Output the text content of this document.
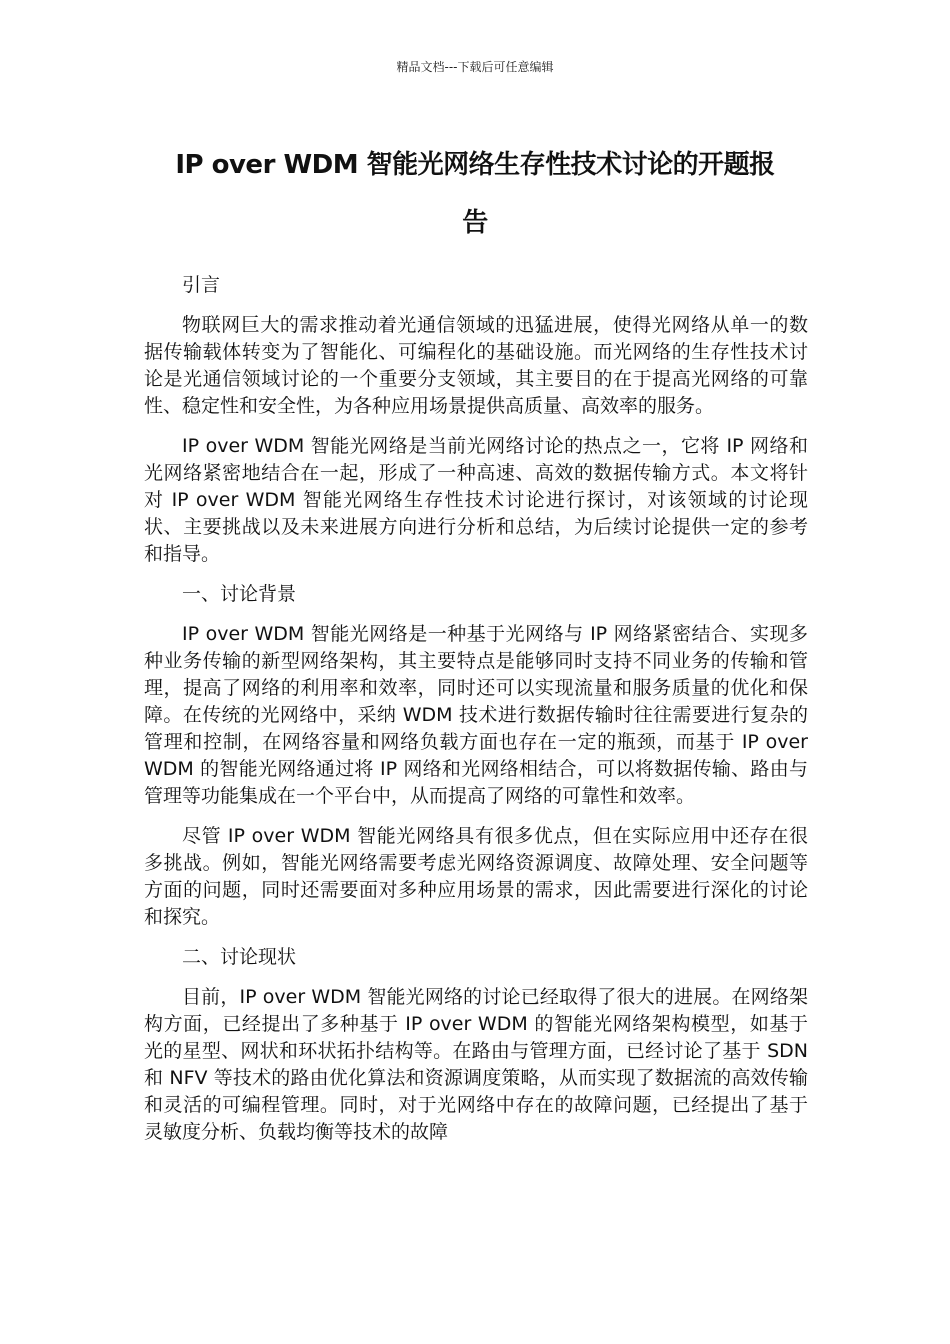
精品文档---下载后可任意编辑
IP over WDM 智能光网络生存性技术讨论的开题报
告

引言

物联网巨大的需求推动着光通信领域的迅猛进展，使得光网络从单一的数据传输载体转变为了智能化、可编程化的基础设施。而光网络的生存性技术讨论是光通信领域讨论的一个重要分支领域，其主要目的在于提高光网络的可靠性、稳定性和安全性，为各种应用场景提供高质量、高效率的服务。

IP over WDM 智能光网络是当前光网络讨论的热点之一，它将 IP 网络和光网络紧密地结合在一起，形成了一种高速、高效的数据传输方式。本文将针对 IP over WDM 智能光网络生存性技术讨论进行探讨，对该领域的讨论现状、主要挑战以及未来进展方向进行分析和总结，为后续讨论提供一定的参考和指导。

一、讨论背景

IP over WDM 智能光网络是一种基于光网络与 IP 网络紧密结合、实现多种业务传输的新型网络架构，其主要特点是能够同时支持不同业务的传输和管理，提高了网络的利用率和效率，同时还可以实现流量和服务质量的优化和保障。在传统的光网络中，采纳 WDM 技术进行数据传输时往往需要进行复杂的管理和控制，在网络容量和网络负载方面也存在一定的瓶颈，而基于 IP over WDM 的智能光网络通过将 IP 网络和光网络相结合，可以将数据传输、路由与管理等功能集成在一个平台中，从而提高了网络的可靠性和效率。

尽管 IP over WDM 智能光网络具有很多优点，但在实际应用中还存在很多挑战。例如，智能光网络需要考虑光网络资源调度、故障处理、安全问题等方面的问题，同时还需要面对多种应用场景的需求，因此需要进行深化的讨论和探究。

二、讨论现状

目前，IP over WDM 智能光网络的讨论已经取得了很大的进展。在网络架构方面，已经提出了多种基于 IP over WDM 的智能光网络架构模型，如基于光的星型、网状和环状拓扑结构等。在路由与管理方面，已经讨论了基于 SDN 和 NFV 等技术的路由优化算法和资源调度策略，从而实现了数据流的高效传输和灵活的可编程管理。同时，对于光网络中存在的故障问题，已经提出了基于灵敏度分析、负载均衡等技术的故障
